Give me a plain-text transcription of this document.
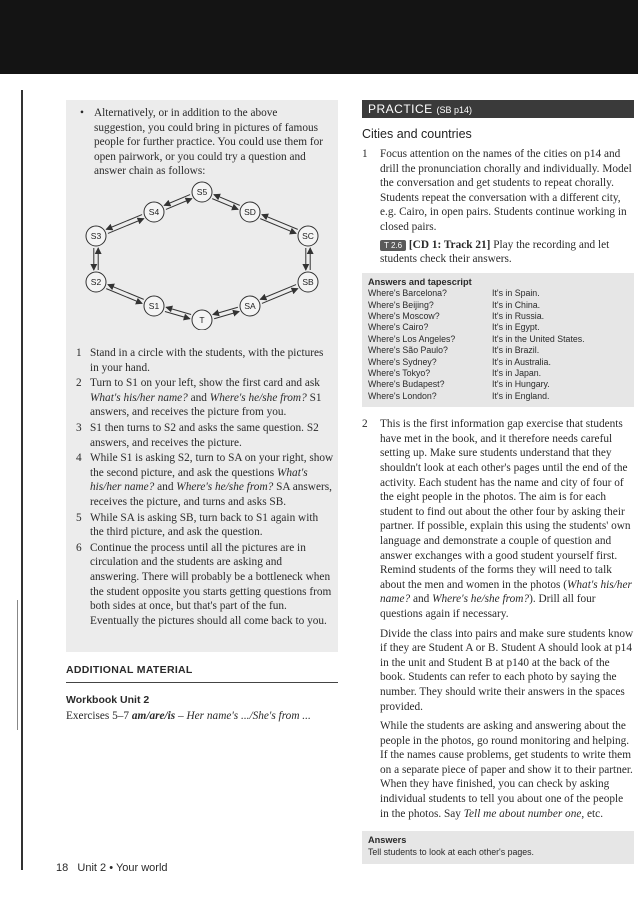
• Alternatively, or in addition to the above suggestion, you could bring in pictures of famous people for further practice. You could use them for open pairwork, or you could try a question and answer chain as follows:
S5
S4	SD
S3	SC
S2	SB
S1	SA
T
1 Stand in a circle with the students, with the pictures in your hand.
2 Turn to S1 on your left, show the first card and ask What's his/her name? and Where's he/she from? S1 answers, and receives the picture from you.
3 S1 then turns to S2 and asks the same question. S2 answers, and receives the picture.
4 While S1 is asking S2, turn to SA on your right, show the second picture, and ask the questions What's his/her name? and Where's he/she from? SA answers, receives the picture, and turns and asks SB.
5 While SA is asking SB, turn back to S1 again with the third picture, and ask the question.
6 Continue the process until all the pictures are in circulation and the students are asking and answering. There will probably be a bottleneck when the student opposite you starts getting questions from both sides at once, but that's part of the fun. Eventually the pictures should all come back to you.
ADDITIONAL MATERIAL
Workbook Unit 2
Exercises 5–7 am/are/is – Her name's .../She's from ...
18 Unit 2 • Your world
PRACTICE (SB p14)
Cities and countries
1 Focus attention on the names of the cities on p14 and drill the pronunciation chorally and individually. Model the conversation and get students to repeat chorally. Students repeat the conversation with a different city, e.g. Cairo, in open pairs. Students continue working in closed pairs.
T 2.6 [CD 1: Track 21] Play the recording and let students check their answers.
Answers and tapescript
Where's Barcelona?	It's in Spain.
Where's Beijing?	It's in China.
Where's Moscow?	It's in Russia.
Where's Cairo?	It's in Egypt.
Where's Los Angeles?	It's in the United States.
Where's São Paulo?	It's in Brazil.
Where's Sydney?	It's in Australia.
Where's Tokyo?	It's in Japan.
Where's Budapest?	It's in Hungary.
Where's London?	It's in England.
2 This is the first information gap exercise that students have met in the book, and it therefore needs careful setting up. Make sure students understand that they shouldn't look at each other's pages until the end of the activity. Each student has the name and city of four of the eight people in the photos. The aim is for each student to find out about the other four by asking their partner. If possible, explain this using the students' own language and demonstrate a couple of question and answer exchanges with a good student yourself first. Remind students of the forms they will need to talk about the men and women in the photos (What's his/her name? and Where's he/she from?). Drill all four questions again if necessary.
Divide the class into pairs and make sure students know if they are Student A or B. Student A should look at p14 in the unit and Student B at p140 at the back of the book. Students can refer to each photo by saying the number. They should write their answers in the spaces provided.
While the students are asking and answering about the people in the photos, go round monitoring and helping. If the names cause problems, get students to write them on a separate piece of paper and show it to their partner. When they have finished, you can check by asking individual students to tell you about one of the people in the photos. Say Tell me about number one, etc.
Answers
Tell students to look at each other's pages.
